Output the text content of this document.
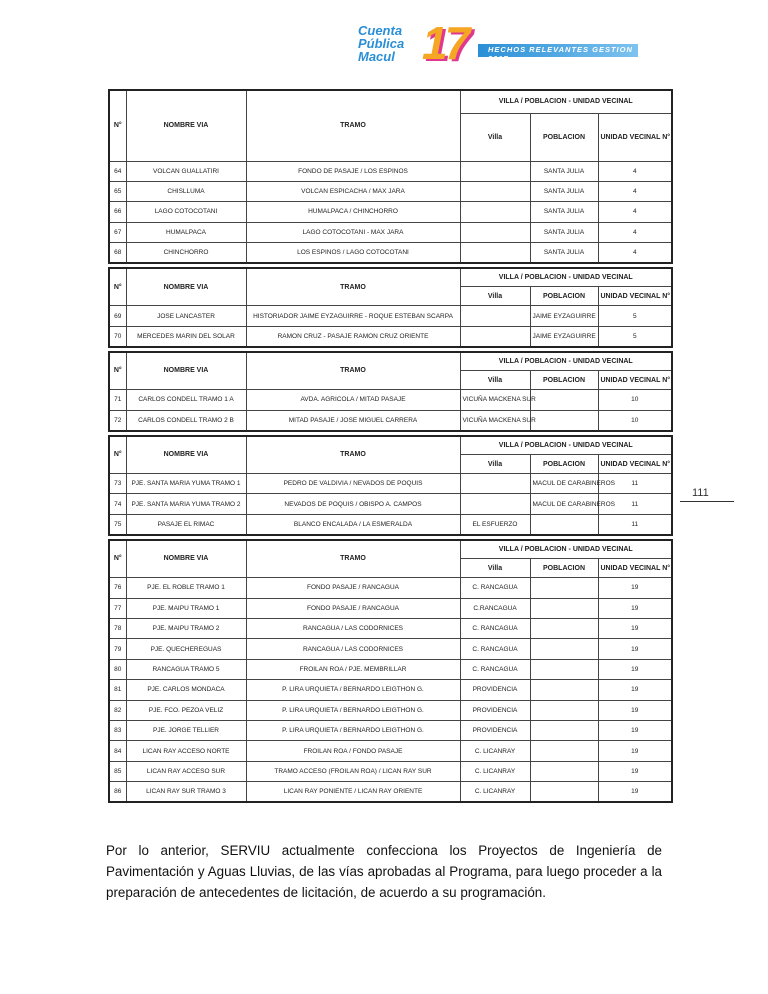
Cuenta
Pública
Macul 17	HECHOS RELEVANTES GESTION 2017
N°	NOMBRE VIA	TRAMO	VILLA / POBLACION - UNIDAD VECINAL		
			Villa	POBLACION	UNIDAD VECINAL N°
64	VOLCAN GUALLATIRI	FONDO DE PASAJE / LOS ESPINOS		SANTA JULIA	4
65	CHISLLUMA	VOLCAN ESPICACHA / MAX JARA		SANTA JULIA	4
66	LAGO COTOCOTANI	HUMALPACA / CHINCHORRO		SANTA JULIA	4
67	HUMALPACA	LAGO COTOCOTANI - MAX JARA		SANTA JULIA	4
68	CHINCHORRO	LOS ESPINOS / LAGO COTOCOTANI		SANTA JULIA	4
N°	NOMBRE VIA	TRAMO	VILLA / POBLACION - UNIDAD VECINAL		
			Villa	POBLACION	UNIDAD VECINAL N°
69	JOSE LANCASTER	HISTORIADOR JAIME EYZAGUIRRE - ROQUE ESTEBAN SCARPA		JAIME EYZAGUIRRE	5
70	MERCEDES MARIN DEL SOLAR	RAMON CRUZ - PASAJE RAMON CRUZ ORIENTE		JAIME EYZAGUIRRE	5
N°	NOMBRE VIA	TRAMO	VILLA / POBLACION - UNIDAD VECINAL		
			Villa	POBLACION	UNIDAD VECINAL N°
71	CARLOS CONDELL TRAMO 1 A	AVDA. AGRICOLA / MITAD PASAJE	VICUÑA MACKENA SUR		10
72	CARLOS CONDELL TRAMO 2 B	MITAD PASAJE / JOSE MIGUEL CARRERA	VICUÑA MACKENA SUR		10
N°	NOMBRE VIA	TRAMO	VILLA / POBLACION - UNIDAD VECINAL		
			Villa	POBLACION	UNIDAD VECINAL N°
73	PJE. SANTA MARIA YUMA TRAMO 1	PEDRO DE VALDIVIA / NEVADOS DE POQUIS		MACUL DE CARABINEROS	11
74	PJE. SANTA MARIA YUMA TRAMO 2	NEVADOS DE POQUIS / OBISPO A. CAMPOS		MACUL DE CARABINEROS	11
75	PASAJE EL RIMAC	BLANCO ENCALADA / LA ESMERALDA	EL ESFUERZO		11
N°	NOMBRE VIA	TRAMO	VILLA / POBLACION - UNIDAD VECINAL		
			Villa	POBLACION	UNIDAD VECINAL N°
76	PJE. EL ROBLE TRAMO 1	FONDO PASAJE / RANCAGUA	C. RANCAGUA		19
77	PJE. MAIPU TRAMO 1	FONDO PASAJE / RANCAGUA	C.RANCAGUA		19
78	PJE. MAIPU TRAMO 2	RANCAGUA / LAS CODORNICES	C. RANCAGUA		19
79	PJE. QUECHEREGUAS	RANCAGUA / LAS CODORNICES	C. RANCAGUA		19
80	RANCAGUA TRAMO 5	FROILAN ROA / PJE. MEMBRILLAR	C. RANCAGUA		19
81	PJE. CARLOS MONDACA	P. LIRA URQUIETA / BERNARDO LEIGTHON G.	PROVIDENCIA		19
82	PJE. FCO. PEZOA VELIZ	P. LIRA URQUIETA / BERNARDO LEIGTHON G.	PROVIDENCIA		19
83	PJE. JORGE TELLIER	P. LIRA URQUIETA / BERNARDO LEIGTHON G.	PROVIDENCIA		19
84	LICAN RAY ACCESO NORTE	FROILAN ROA / FONDO PASAJE	C. LICANRAY		19
85	LICAN RAY ACCESO SUR	TRAMO ACCESO (FROILAN ROA) / LICAN RAY SUR	C. LICANRAY		19
86	LICAN RAY SUR TRAMO 3	LICAN RAY PONIENTE / LICAN RAY ORIENTE	C. LICANRAY		19
111

Por lo anterior, SERVIU actualmente confecciona los Proyectos de Ingeniería de Pavimentación y Aguas Lluvias, de las vías aprobadas al Programa, para luego proceder a la preparación de antecedentes de licitación, de acuerdo a su programación.
